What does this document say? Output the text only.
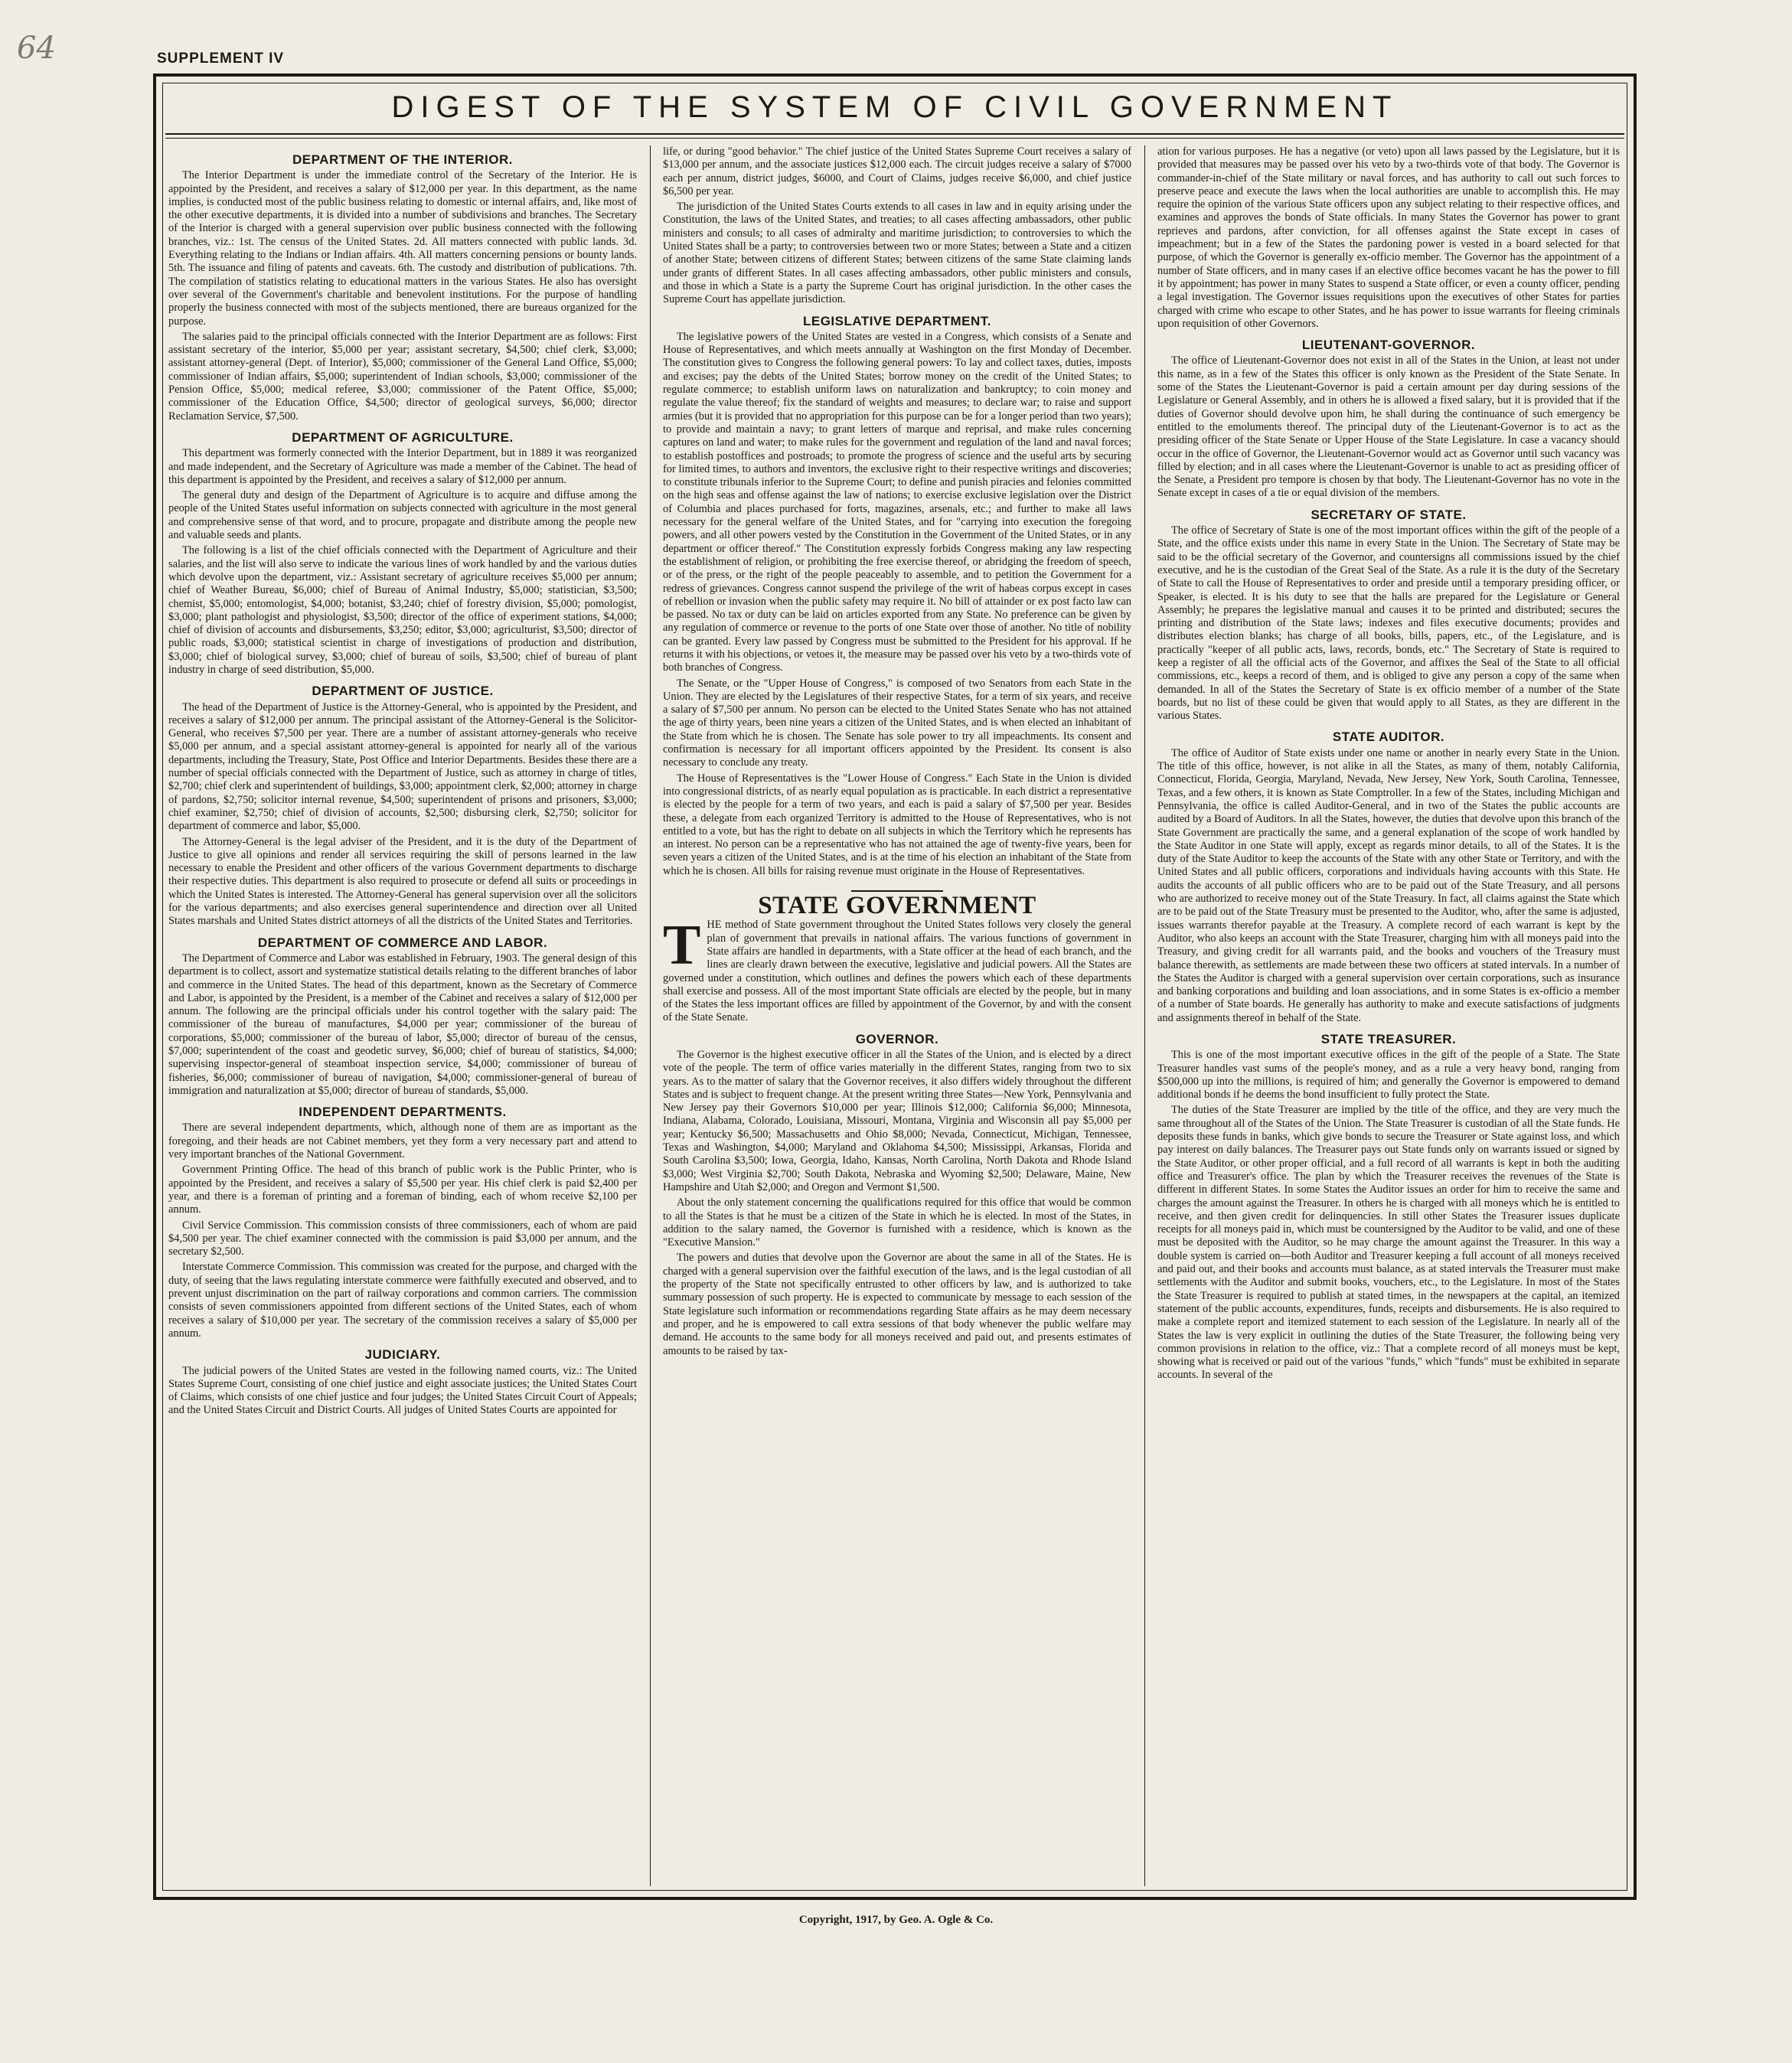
64	SUPPLEMENT IV
DIGEST OF THE SYSTEM OF CIVIL GOVERNMENT
DEPARTMENT OF THE INTERIOR.

The Interior Department is under the immediate control of the Secretary of the Interior. He is appointed by the President, and receives a salary of $12,000 per year. In this department, as the name implies, is conducted most of the public business relating to domestic or internal affairs, and, like most of the other executive departments, it is divided into a number of subdivisions and branches. The Secretary of the Interior is charged with a general supervision over public business connected with the following branches, viz.: 1st. The census of the United States. 2d. All matters connected with public lands. 3d. Everything relating to the Indians or Indian affairs. 4th. All matters concerning pensions or bounty lands. 5th. The issuance and filing of patents and caveats. 6th. The custody and distribution of publications. 7th. The compilation of statistics relating to educational matters in the various States. He also has oversight over several of the Government's charitable and benevolent institutions. For the purpose of handling properly the business connected with most of the subjects mentioned, there are bureaus organized for the purpose.

The salaries paid to the principal officials connected with the Interior Department are as follows: First assistant secretary of the interior, $5,000 per year; assistant secretary, $4,500; chief clerk, $3,000; assistant attorney-general (Dept. of Interior), $5,000; commissioner of the General Land Office, $5,000; commissioner of Indian affairs, $5,000; superintendent of Indian schools, $3,000; commissioner of the Pension Office, $5,000; medical referee, $3,000; commissioner of the Patent Office, $5,000; commissioner of the Education Office, $4,500; director of geological surveys, $6,000; director Reclamation Service, $7,500.

DEPARTMENT OF AGRICULTURE.

This department was formerly connected with the Interior Department, but in 1889 it was reorganized and made independent, and the Secretary of Agriculture was made a member of the Cabinet. The head of this department is appointed by the President, and receives a salary of $12,000 per annum.

The general duty and design of the Department of Agriculture is to acquire and diffuse among the people of the United States useful information on subjects connected with agriculture in the most general and comprehensive sense of that word, and to procure, propagate and distribute among the people new and valuable seeds and plants.

The following is a list of the chief officials connected with the Department of Agriculture and their salaries, and the list will also serve to indicate the various lines of work handled by and the various duties which devolve upon the department, viz.: Assistant secretary of agriculture receives $5,000 per annum; chief of Weather Bureau, $6,000; chief of Bureau of Animal Industry, $5,000; statistician, $3,500; chemist, $5,000; entomologist, $4,000; botanist, $3,240; chief of forestry division, $5,000; pomologist, $3,000; plant pathologist and physiologist, $3,500; director of the office of experiment stations, $4,000; chief of division of accounts and disbursements, $3,250; editor, $3,000; agriculturist, $3,500; director of public roads, $3,000; statistical scientist in charge of investigations of production and distribution, $3,000; chief of biological survey, $3,000; chief of bureau of soils, $3,500; chief of bureau of plant industry in charge of seed distribution, $5,000.

DEPARTMENT OF JUSTICE.

The head of the Department of Justice is the Attorney-General, who is appointed by the President, and receives a salary of $12,000 per annum. The principal assistant of the Attorney-General is the Solicitor-General, who receives $7,500 per year. There are a number of assistant attorney-generals who receive $5,000 per annum, and a special assistant attorney-general is appointed for nearly all of the various departments, including the Treasury, State, Post Office and Interior Departments. Besides these there are a number of special officials connected with the Department of Justice, such as attorney in charge of titles, $2,700; chief clerk and superintendent of buildings, $3,000; appointment clerk, $2,000; attorney in charge of pardons, $2,750; solicitor internal revenue, $4,500; superintendent of prisons and prisoners, $3,000; chief examiner, $2,750; chief of division of accounts, $2,500; disbursing clerk, $2,750; solicitor for department of commerce and labor, $5,000.

The Attorney-General is the legal adviser of the President, and it is the duty of the Department of Justice to give all opinions and render all services requiring the skill of persons learned in the law necessary to enable the President and other officers of the various Government departments to discharge their respective duties. This department is also required to prosecute or defend all suits or proceedings in which the United States is interested. The Attorney-General has general supervision over all the solicitors for the various departments; and also exercises general superintendence and direction over all United States marshals and United States district attorneys of all the districts of the United States and Territories.

DEPARTMENT OF COMMERCE AND LABOR.

The Department of Commerce and Labor was established in February, 1903. The general design of this department is to collect, assort and systematize statistical details relating to the different branches of labor and commerce in the United States. The head of this department, known as the Secretary of Commerce and Labor, is appointed by the President, is a member of the Cabinet and receives a salary of $12,000 per annum. The following are the principal officials under his control together with the salary paid: The commissioner of the bureau of manufactures, $4,000 per year; commissioner of the bureau of corporations, $5,000; commissioner of the bureau of labor, $5,000; director of bureau of the census, $7,000; superintendent of the coast and geodetic survey, $6,000; chief of bureau of statistics, $4,000; supervising inspector-general of steamboat inspection service, $4,000; commissioner of bureau of fisheries, $6,000; commissioner of bureau of navigation, $4,000; commissioner-general of bureau of immigration and naturalization at $5,000; director of bureau of standards, $5,000.

INDEPENDENT DEPARTMENTS.

There are several independent departments, which, although none of them are as important as the foregoing, and their heads are not Cabinet members, yet they form a very necessary part and attend to very important branches of the National Government.

Government Printing Office. The head of this branch of public work is the Public Printer, who is appointed by the President, and receives a salary of $5,500 per year. His chief clerk is paid $2,400 per year, and there is a foreman of printing and a foreman of binding, each of whom receive $2,100 per annum.

Civil Service Commission. This commission consists of three commissioners, each of whom are paid $4,500 per year. The chief examiner connected with the commission is paid $3,000 per annum, and the secretary $2,500.

Interstate Commerce Commission. This commission was created for the purpose, and charged with the duty, of seeing that the laws regulating interstate commerce were faithfully executed and observed, and to prevent unjust discrimination on the part of railway corporations and common carriers. The commission consists of seven commissioners appointed from different sections of the United States, each of whom receives a salary of $10,000 per year. The secretary of the commission receives a salary of $5,000 per annum.

JUDICIARY.

The judicial powers of the United States are vested in the following named courts, viz.: The United States Supreme Court, consisting of one chief justice and eight associate justices; the United States Court of Claims, which consists of one chief justice and four judges; the United States Circuit Court of Appeals; and the United States Circuit and District Courts. All judges of United States Courts are appointed for

life, or during "good behavior." The chief justice of the United States Supreme Court receives a salary of $13,000 per annum, and the associate justices $12,000 each. The circuit judges receive a salary of $7000 each per annum, district judges, $6000, and Court of Claims, judges receive $6,000, and chief justice $6,500 per year.

The jurisdiction of the United States Courts extends to all cases in law and in equity arising under the Constitution, the laws of the United States, and treaties; to all cases affecting ambassadors, other public ministers and consuls; to all cases of admiralty and maritime jurisdiction; to controversies to which the United States shall be a party; to controversies between two or more States; between a State and a citizen of another State; between citizens of different States; between citizens of the same State claiming lands under grants of different States. In all cases affecting ambassadors, other public ministers and consuls, and those in which a State is a party the Supreme Court has original jurisdiction. In the other cases the Supreme Court has appellate jurisdiction.

LEGISLATIVE DEPARTMENT.

The legislative powers of the United States are vested in a Congress, which consists of a Senate and House of Representatives, and which meets annually at Washington on the first Monday of December. The constitution gives to Congress the following general powers: To lay and collect taxes, duties, imposts and excises; pay the debts of the United States; borrow money on the credit of the United States; to regulate commerce; to establish uniform laws on naturalization and bankruptcy; to coin money and regulate the value thereof; fix the standard of weights and measures; to declare war; to raise and support armies (but it is provided that no appropriation for this purpose can be for a longer period than two years); to provide and maintain a navy; to grant letters of marque and reprisal, and make rules concerning captures on land and water; to make rules for the government and regulation of the land and naval forces; to establish postoffices and postroads; to promote the progress of science and the useful arts by securing for limited times, to authors and inventors, the exclusive right to their respective writings and discoveries; to constitute tribunals inferior to the Supreme Court; to define and punish piracies and felonies committed on the high seas and offense against the law of nations; to exercise exclusive legislation over the District of Columbia and places purchased for forts, magazines, arsenals, etc.; and further to make all laws necessary for the general welfare of the United States, and for "carrying into execution the foregoing powers, and all other powers vested by the Constitution in the Government of the United States, or in any department or officer thereof." The Constitution expressly forbids Congress making any law respecting the establishment of religion, or prohibiting the free exercise thereof, or abridging the freedom of speech, or of the press, or the right of the people peaceably to assemble, and to petition the Government for a redress of grievances. Congress cannot suspend the privilege of the writ of habeas corpus except in cases of rebellion or invasion when the public safety may require it. No bill of attainder or ex post facto law can be passed. No tax or duty can be laid on articles exported from any State. No preference can be given by any regulation of commerce or revenue to the ports of one State over those of another. No title of nobility can be granted. Every law passed by Congress must be submitted to the President for his approval. If he returns it with his objections, or vetoes it, the measure may be passed over his veto by a two-thirds vote of both branches of Congress.

The Senate, or the "Upper House of Congress," is composed of two Senators from each State in the Union. They are elected by the Legislatures of their respective States, for a term of six years, and receive a salary of $7,500 per annum. No person can be elected to the United States Senate who has not attained the age of thirty years, been nine years a citizen of the United States, and is when elected an inhabitant of the State from which he is chosen. The Senate has sole power to try all impeachments. Its consent and confirmation is necessary for all important officers appointed by the President. Its consent is also necessary to conclude any treaty.

The House of Representatives is the "Lower House of Congress." Each State in the Union is divided into congressional districts, of as nearly equal population as is practicable. In each district a representative is elected by the people for a term of two years, and each is paid a salary of $7,500 per year. Besides these, a delegate from each organized Territory is admitted to the House of Representatives, who is not entitled to a vote, but has the right to debate on all subjects in which the Territory which he represents has an interest. No person can be a representative who has not attained the age of twenty-five years, been for seven years a citizen of the United States, and is at the time of his election an inhabitant of the State from which he is chosen. All bills for raising revenue must originate in the House of Representatives.

STATE GOVERNMENT

THE method of State government throughout the United States follows very closely the general plan of government that prevails in national affairs. The various functions of government in State affairs are handled in departments, with a State officer at the head of each branch, and the lines are clearly drawn between the executive, legislative and judicial powers. All the States are governed under a constitution, which outlines and defines the powers which each of these departments shall exercise and possess. All of the most important State officials are elected by the people, but in many of the States the less important offices are filled by appointment of the Governor, by and with the consent of the State Senate.

GOVERNOR.

The Governor is the highest executive officer in all the States of the Union, and is elected by a direct vote of the people. The term of office varies materially in the different States, ranging from two to six years. As to the matter of salary that the Governor receives, it also differs widely throughout the different States and is subject to frequent change. At the present writing three States—New York, Pennsylvania and New Jersey pay their Governors $10,000 per year; Illinois $12,000; California $6,000; Minnesota, Indiana, Alabama, Colorado, Louisiana, Missouri, Montana, Virginia and Wisconsin all pay $5,000 per year; Kentucky $6,500; Massachusetts and Ohio $8,000; Nevada, Connecticut, Michigan, Tennessee, Texas and Washington, $4,000; Maryland and Oklahoma $4,500; Mississippi, Arkansas, Florida and South Carolina $3,500; Iowa, Georgia, Idaho, Kansas, North Carolina, North Dakota and Rhode Island $3,000; West Virginia $2,700; South Dakota, Nebraska and Wyoming $2,500; Delaware, Maine, New Hampshire and Utah $2,000; and Oregon and Vermont $1,500.

About the only statement concerning the qualifications required for this office that would be common to all the States is that he must be a citizen of the State in which he is elected. In most of the States, in addition to the salary named, the Governor is furnished with a residence, which is known as the "Executive Mansion."

The powers and duties that devolve upon the Governor are about the same in all of the States. He is charged with a general supervision over the faithful execution of the laws, and is the legal custodian of all the property of the State not specifically entrusted to other officers by law, and is authorized to take summary possession of such property. He is expected to communicate by message to each session of the State legislature such information or recommendations regarding State affairs as he may deem necessary and proper, and he is empowered to call extra sessions of that body whenever the public welfare may demand. He accounts to the same body for all moneys received and paid out, and presents estimates of amounts to be raised by tax-

ation for various purposes. He has a negative (or veto) upon all laws passed by the Legislature, but it is provided that measures may be passed over his veto by a two-thirds vote of that body. The Governor is commander-in-chief of the State military or naval forces, and has authority to call out such forces to preserve peace and execute the laws when the local authorities are unable to accomplish this. He may require the opinion of the various State officers upon any subject relating to their respective offices, and examines and approves the bonds of State officials. In many States the Governor has power to grant reprieves and pardons, after conviction, for all offenses against the State except in cases of impeachment; but in a few of the States the pardoning power is vested in a board selected for that purpose, of which the Governor is generally ex-officio member. The Governor has the appointment of a number of State officers, and in many cases if an elective office becomes vacant he has the power to fill it by appointment; has power in many States to suspend a State officer, or even a county officer, pending a legal investigation. The Governor issues requisitions upon the executives of other States for parties charged with crime who escape to other States, and he has power to issue warrants for fleeing criminals upon requisition of other Governors.

LIEUTENANT-GOVERNOR.

The office of Lieutenant-Governor does not exist in all of the States in the Union, at least not under this name, as in a few of the States this officer is only known as the President of the State Senate. In some of the States the Lieutenant-Governor is paid a certain amount per day during sessions of the Legislature or General Assembly, and in others he is allowed a fixed salary, but it is provided that if the duties of Governor should devolve upon him, he shall during the continuance of such emergency be entitled to the emoluments thereof. The principal duty of the Lieutenant-Governor is to act as the presiding officer of the State Senate or Upper House of the State Legislature. In case a vacancy should occur in the office of Governor, the Lieutenant-Governor would act as Governor until such vacancy was filled by election; and in all cases where the Lieutenant-Governor is unable to act as presiding officer of the Senate, a President pro tempore is chosen by that body. The Lieutenant-Governor has no vote in the Senate except in cases of a tie or equal division of the members.

SECRETARY OF STATE.

The office of Secretary of State is one of the most important offices within the gift of the people of a State, and the office exists under this name in every State in the Union. The Secretary of State may be said to be the official secretary of the Governor, and countersigns all commissions issued by the chief executive, and he is the custodian of the Great Seal of the State. As a rule it is the duty of the Secretary of State to call the House of Representatives to order and preside until a temporary presiding officer, or Speaker, is elected. It is his duty to see that the halls are prepared for the Legislature or General Assembly; he prepares the legislative manual and causes it to be printed and distributed; secures the printing and distribution of the State laws; indexes and files executive documents; provides and distributes election blanks; has charge of all books, bills, papers, etc., of the Legislature, and is practically "keeper of all public acts, laws, records, bonds, etc." The Secretary of State is required to keep a register of all the official acts of the Governor, and affixes the Seal of the State to all official commissions, etc., keeps a record of them, and is obliged to give any person a copy of the same when demanded. In all of the States the Secretary of State is ex officio member of a number of the State boards, but no list of these could be given that would apply to all States, as they are different in the various States.

STATE AUDITOR.

The office of Auditor of State exists under one name or another in nearly every State in the Union. The title of this office, however, is not alike in all the States, as many of them, notably California, Connecticut, Florida, Georgia, Maryland, Nevada, New Jersey, New York, South Carolina, Tennessee, Texas, and a few others, it is known as State Comptroller. In a few of the States, including Michigan and Pennsylvania, the office is called Auditor-General, and in two of the States the public accounts are audited by a Board of Auditors. In all the States, however, the duties that devolve upon this branch of the State Government are practically the same, and a general explanation of the scope of work handled by the State Auditor in one State will apply, except as regards minor details, to all of the States. It is the duty of the State Auditor to keep the accounts of the State with any other State or Territory, and with the United States and all public officers, corporations and individuals having accounts with this State. He audits the accounts of all public officers who are to be paid out of the State Treasury, and all persons who are authorized to receive money out of the State Treasury. In fact, all claims against the State which are to be paid out of the State Treasury must be presented to the Auditor, who, after the same is adjusted, issues warrants therefor payable at the Treasury. A complete record of each warrant is kept by the Auditor, who also keeps an account with the State Treasurer, charging him with all moneys paid into the Treasury, and giving credit for all warrants paid, and the books and vouchers of the Treasury must balance therewith, as settlements are made between these two officers at stated intervals. In a number of the States the Auditor is charged with a general supervision over certain corporations, such as insurance and banking corporations and building and loan associations, and in some States is ex-officio a member of a number of State boards. He generally has authority to make and execute satisfactions of judgments and assignments thereof in behalf of the State.

STATE TREASURER.

This is one of the most important executive offices in the gift of the people of a State. The State Treasurer handles vast sums of the people's money, and as a rule a very heavy bond, ranging from $500,000 up into the millions, is required of him; and generally the Governor is empowered to demand additional bonds if he deems the bond insufficient to fully protect the State.

The duties of the State Treasurer are implied by the title of the office, and they are very much the same throughout all of the States of the Union. The State Treasurer is custodian of all the State funds. He deposits these funds in banks, which give bonds to secure the Treasurer or State against loss, and which pay interest on daily balances. The Treasurer pays out State funds only on warrants issued or signed by the State Auditor, or other proper official, and a full record of all warrants is kept in both the auditing office and Treasurer's office. The plan by which the Treasurer receives the revenues of the State is different in different States. In some States the Auditor issues an order for him to receive the same and charges the amount against the Treasurer. In others he is charged with all moneys which he is entitled to receive, and then given credit for delinquencies. In still other States the Treasurer issues duplicate receipts for all moneys paid in, which must be countersigned by the Auditor to be valid, and one of these must be deposited with the Auditor, so he may charge the amount against the Treasurer. In this way a double system is carried on—both Auditor and Treasurer keeping a full account of all moneys received and paid out, and their books and accounts must balance, as at stated intervals the Treasurer must make settlements with the Auditor and submit books, vouchers, etc., to the Legislature. In most of the States the State Treasurer is required to publish at stated times, in the newspapers at the capital, an itemized statement of the public accounts, expenditures, funds, receipts and disbursements. He is also required to make a complete report and itemized statement to each session of the Legislature. In nearly all of the States the law is very explicit in outlining the duties of the State Treasurer, the following being very common provisions in relation to the office, viz.: That a complete record of all moneys must be kept, showing what is received or paid out of the various "funds," which "funds" must be exhibited in separate accounts. In several of the

Copyright, 1917, by Geo. A. Ogle & Co.
